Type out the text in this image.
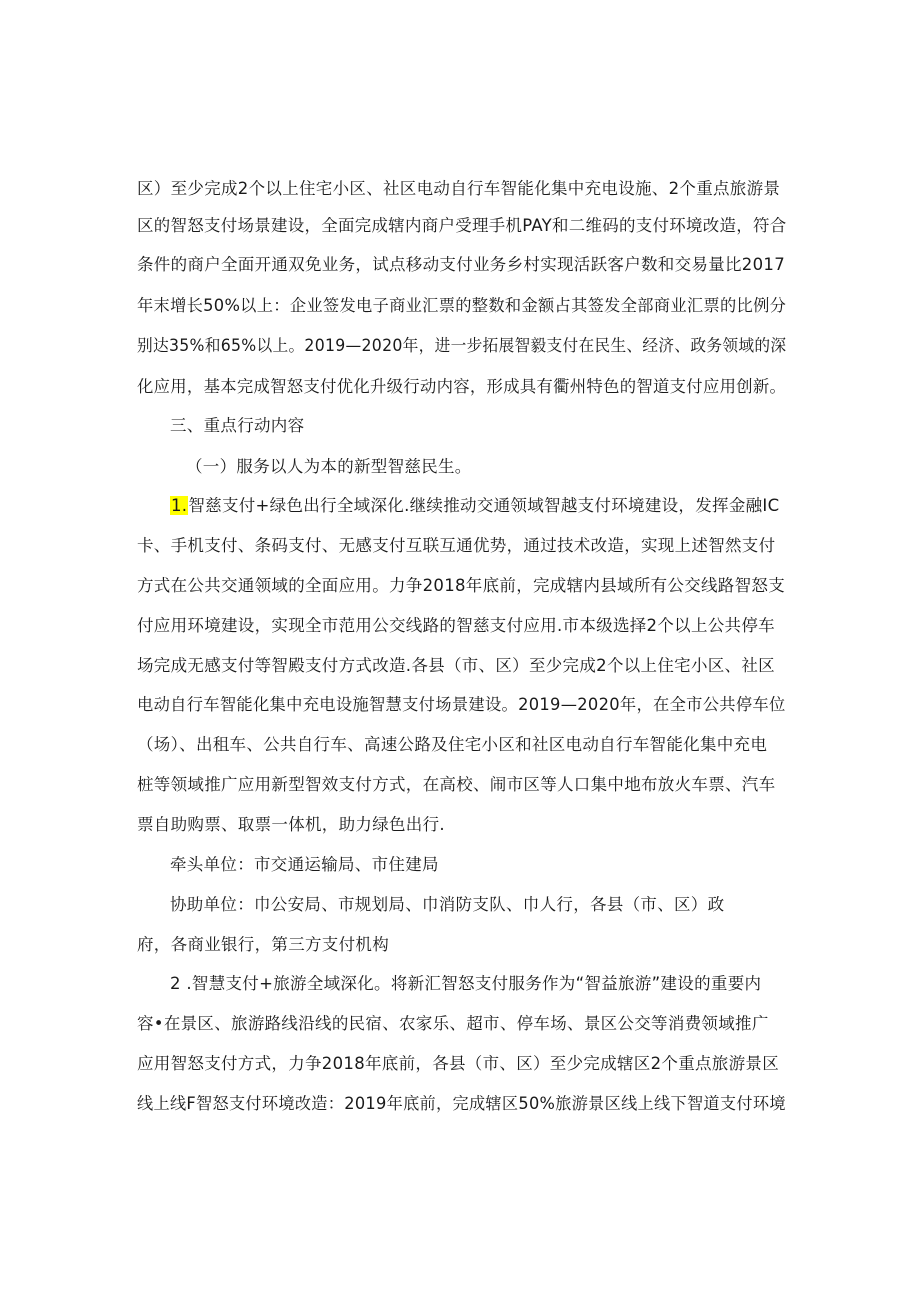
区）至少完成2个以上住宅小区、社区电动自行车智能化集中充电设施、2个重点旅游景
区的智怒支付场景建设，全面完成辖内商户受理手机PAY和二维码的支付环境改造，符合
条件的商户全面开通双免业务，试点移动支付业务乡村实现活跃客户数和交易量比2017
年末增长50%以上：企业签发电子商业汇票的整数和金额占其签发全部商业汇票的比例分
别达35%和65%以上。2019—2020年，进一步拓展智毅支付在民生、经济、政务领域的深
化应用，基本完成智怒支付优化升级行动内容，形成具有衢州特色的智道支付应用创新。
三、重点行动内容
（一）服务以人为本的新型智慈民生。
1.智慈支付+绿色出行全域深化.继续推动交通领域智越支付环境建设，发挥金融IC
卡、手机支付、条码支付、无感支付互联互通优势，通过技术改造，实现上述智然支付
方式在公共交通领域的全面应用。力争2018年底前，完成辖内县域所有公交线路智怒支
付应用环境建设，实现全市范用公交线路的智慈支付应用.市本级选择2个以上公共停车
场完成无感支付等智殿支付方式改造.各县（市、区）至少完成2个以上住宅小区、社区
电动自行车智能化集中充电设施智慧支付场景建设。2019—2020年，在全市公共停车位
（场）、出租车、公共自行车、高速公路及住宅小区和社区电动自行车智能化集中充电
桩等领域推广应用新型智效支付方式，在高校、闹市区等人口集中地布放火车票、汽车
票自助购票、取票一体机，助力绿色出行.
牵头单位：市交通运输局、市住建局
协助单位：巾公安局、市规划局、巾消防支队、巾人行，各县（市、区）政
府，各商业银行，第三方支付机构
2 .智慧支付+旅游全域深化。将新汇智怒支付服务作为“智益旅游”建设的重要内
容•在景区、旅游路线沿线的民宿、农家乐、超市、停车场、景区公交等消费领域推广
应用智怒支付方式，力争2018年底前，各县（市、区）至少完成辖区2个重点旅游景区
线上线F智怒支付环境改造：2019年底前，完成辖区50%旅游景区线上线下智道支付环境
